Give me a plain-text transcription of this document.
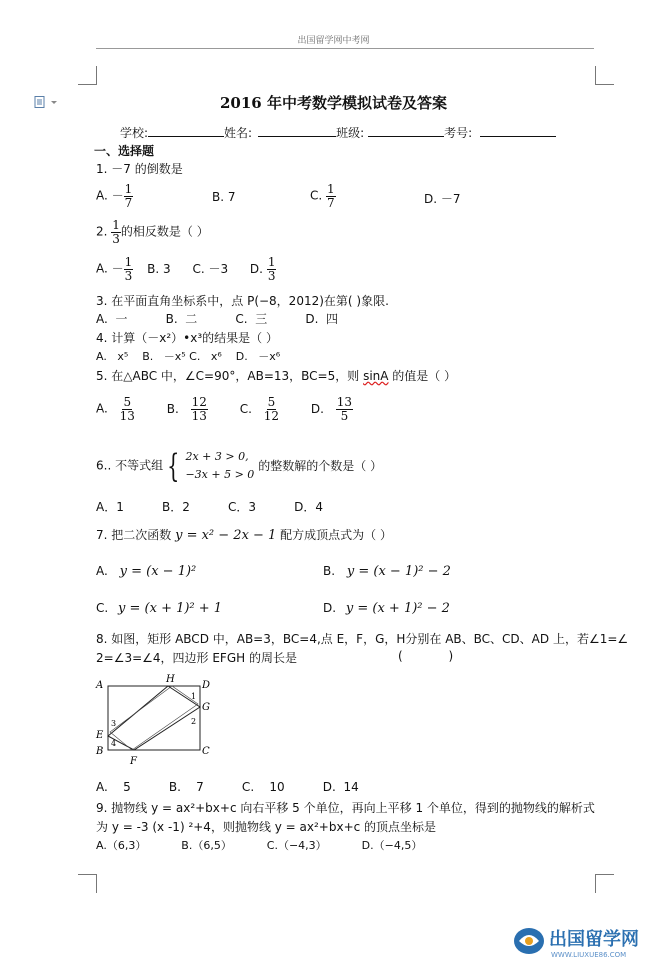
出国留学网中考网
2016 年中考数学模拟试卷及答案
学校:	姓名:	班级:	考号:
一、选择题
1. －7 的倒数是
A. － $\frac{1}{7}$	B. 7	C. $\frac{1}{7}$	D. －7
2. $\frac{1}{3}$ 的相反数是（ ）
A. － $\frac{1}{3} B$. 3 C. －3 D. $\frac{1}{3}$
3. 在平面直角坐标系中，点 P(−8，2012)在第( )象限.
A.  一          B.  二          C.  三          D.  四
4. 计算（－x²）•x³的结果是（ ）
A.   x⁵    B.   －x⁵ C.   x⁶    D.   －x⁶
5. 在△ABC 中，∠C=90°，AB=13，BC=5，则 sinA 的值是（ ）
A. $\frac{5}{13}$	B. $\frac{12}{13}$	C. $\frac{5}{12}$	D. $\frac{13}{5}$
6.. 不等式组 { 2x + 3 > 0,
−3x + 5 > 0
的整数解的个数是（ ）
A．1          B．2          C．3          D．4
7. 把二次函数 y = x² − 2x − 1 配方成顶点式为（ ）
A. y = (x − 1)²	B. y = (x − 1)² − 2
C. y = (x + 1)² + 1	D. y = (x + 1)² − 2
8. 如图，矩形 ABCD 中，AB=3，BC=4,点 E，F，G，H分别在 AB、BC、CD、AD 上，若∠1=∠
2=∠3=∠4，四边形 EFGH 的周长是	(            )
A
B	C
D
E
F
G
H
1
2
3
4
A.    5          B.    7          C.    10          D.  14
9. 抛物线 y = ax²+bx+c 向右平移 5 个单位，再向上平移 1 个单位，得到的抛物线的解析式
为 y = -3 (x -1) ²+4，则抛物线 y = ax²+bx+c 的顶点坐标是
A.（6,3）          B.（6,5）          C.（−4,3）          D.（−4,5）
出国留学网
WWW.LIUXUE86.COM
